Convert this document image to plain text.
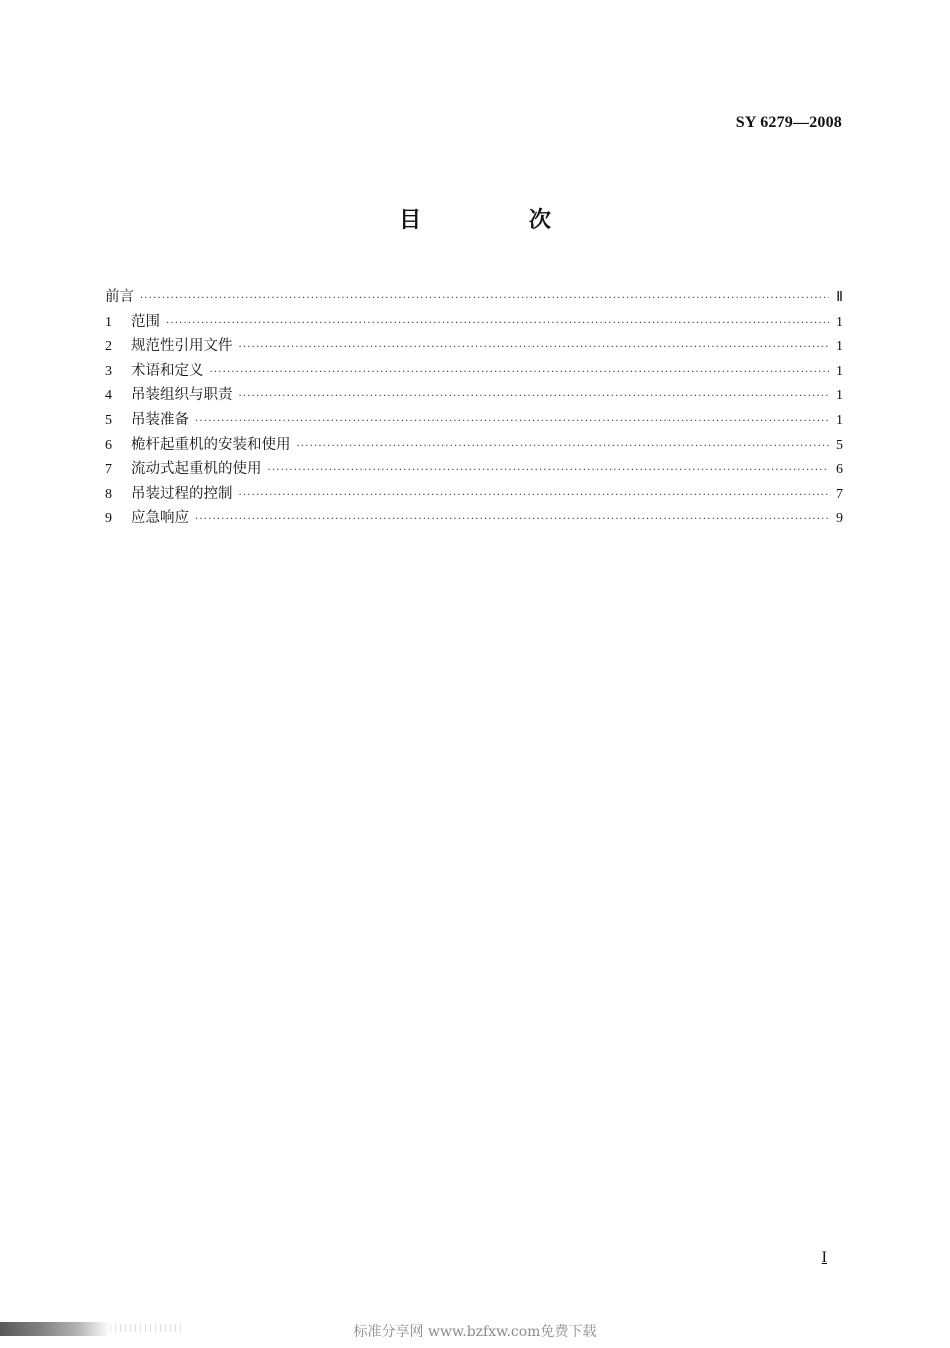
SY 6279—2008
目 次
前言 ·····	Ⅱ
1	范围 ·····	1
2	规范性引用文件 ·····	1
3	术语和定义 ·····	1
4	吊装组织与职责 ·····	1
5	吊装准备 ·····	1
6	桅杆起重机的安装和使用 ·····	5
7	流动式起重机的使用 ·····	6
8	吊装过程的控制 ·····	7
9	应急响应 ·····	9
I
标准分享网 www.bzfxw.com免费下载
